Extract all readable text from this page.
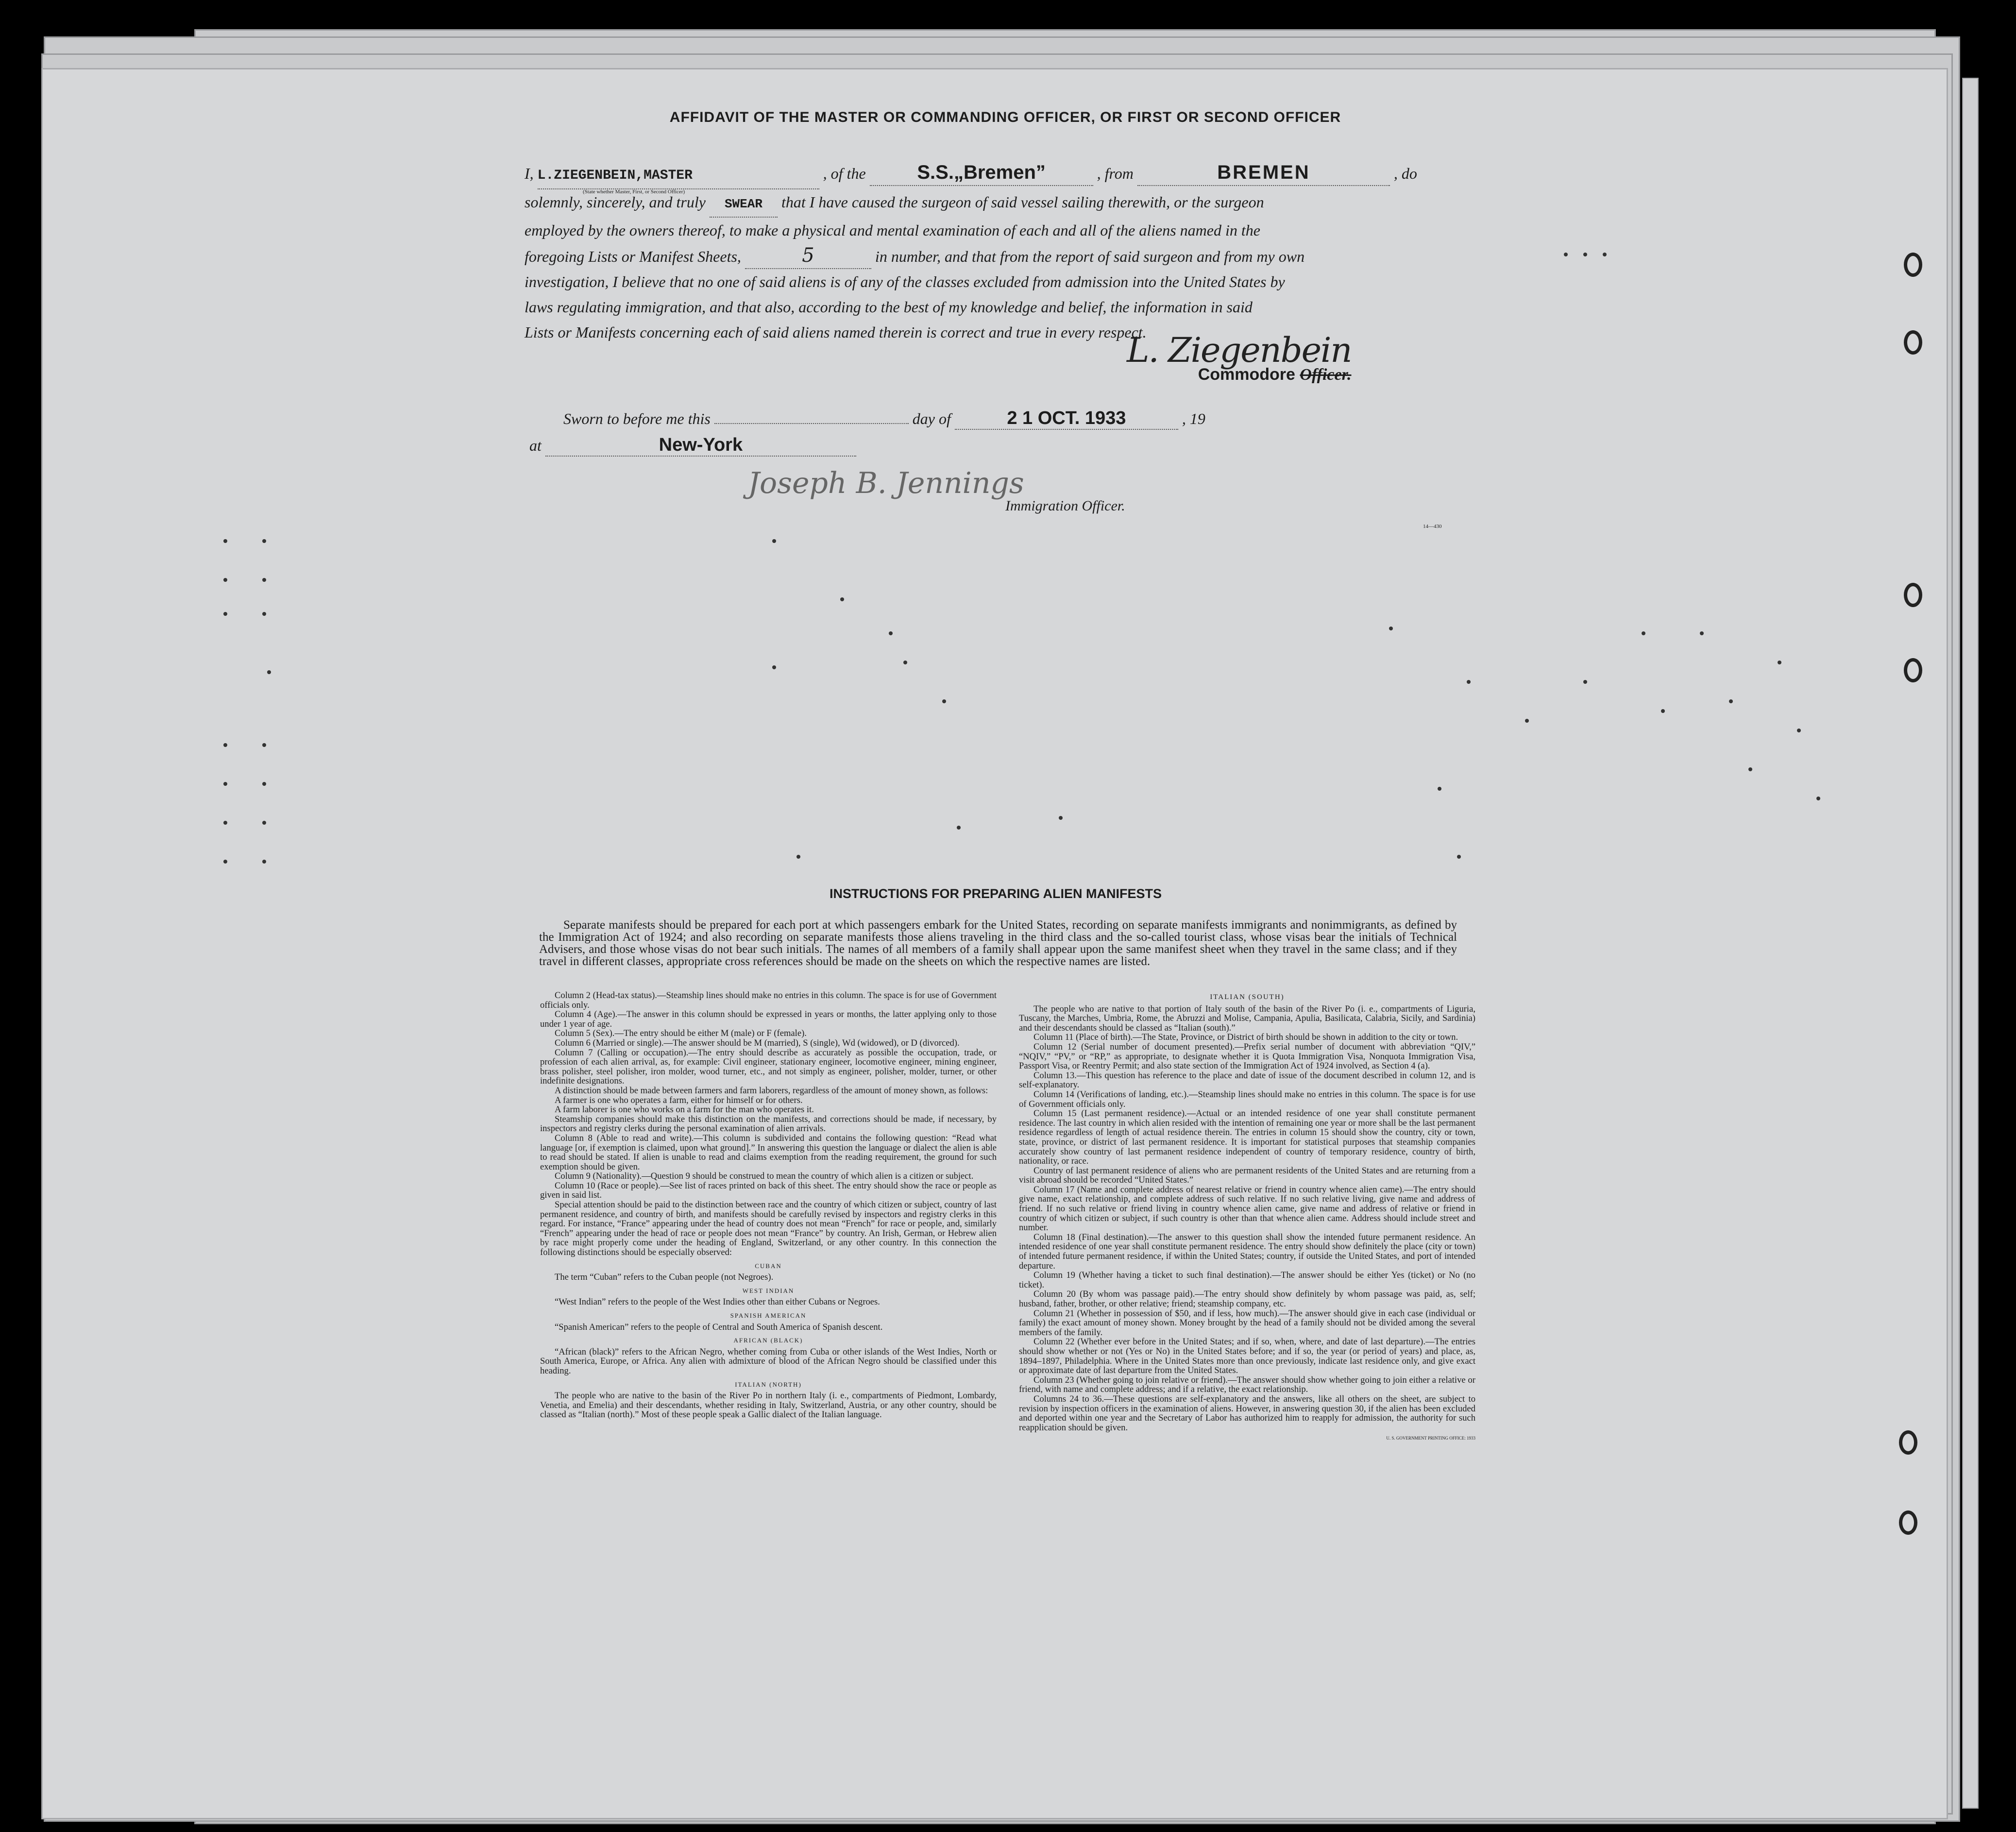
AFFIDAVIT OF THE MASTER OR COMMANDING OFFICER, OR FIRST OR SECOND OFFICER
I, L.ZIEGENBEIN,MASTER	, of the	S.S.„Bremen”	, from	BREMEN	, do
(State whether Master, First, or Second Officer)
solemnly, sincerely, and truly SWEAR that I have caused the surgeon of said vessel sailing therewith, or the surgeon
employed by the owners thereof, to make a physical and mental examination of each and all of the aliens named in the
foregoing Lists or Manifest Sheets,	5	in number, and that from the report of said surgeon and from my own
investigation, I believe that no one of said aliens is of any of the classes excluded from admission into the United States by
laws regulating immigration, and that also, according to the best of my knowledge and belief, the information in said
Lists or Manifests concerning each of said aliens named therein is correct and true in every respect.
L. Ziegenbein
Commodore Officer.
Sworn to before me this	day of	2 1 OCT. 1933	, 19
at	New-York
Joseph B. Jennings
Immigration Officer.
14—430
INSTRUCTIONS FOR PREPARING ALIEN MANIFESTS
Separate manifests should be prepared for each port at which passengers embark for the United States, recording on separate manifests immigrants and nonimmigrants, as defined by the Immigration Act of 1924; and also recording on separate manifests those aliens traveling in the third class and the so-called tourist class, whose visas bear the initials of Technical Advisers, and those whose visas do not bear such initials. The names of all members of a family shall appear upon the same manifest sheet when they travel in the same class; and if they travel in different classes, appropriate cross references should be made on the sheets on which the respective names are listed.

Column 2 (Head-tax status).—Steamship lines should make no entries in this column. The space is for use of Government officials only.

Column 4 (Age).—The answer in this column should be expressed in years or months, the latter applying only to those under 1 year of age.

Column 5 (Sex).—The entry should be either M (male) or F (female).

Column 6 (Married or single).—The answer should be M (married), S (single), Wd (widowed), or D (divorced).

Column 7 (Calling or occupation).—The entry should describe as accurately as possible the occupation, trade, or profession of each alien arrival, as, for example: Civil engineer, stationary engineer, locomotive engineer, mining engineer, brass polisher, steel polisher, iron molder, wood turner, etc., and not simply as engineer, polisher, molder, turner, or other indefinite designations.

A distinction should be made between farmers and farm laborers, regardless of the amount of money shown, as follows:

A farmer is one who operates a farm, either for himself or for others.

A farm laborer is one who works on a farm for the man who operates it.

Steamship companies should make this distinction on the manifests, and corrections should be made, if necessary, by inspectors and registry clerks during the personal examination of alien arrivals.

Column 8 (Able to read and write).—This column is subdivided and contains the following question: “Read what language [or, if exemption is claimed, upon what ground].” In answering this question the language or dialect the alien is able to read should be stated. If alien is unable to read and claims exemption from the reading requirement, the ground for such exemption should be given.

Column 9 (Nationality).—Question 9 should be construed to mean the country of which alien is a citizen or subject.

Column 10 (Race or people).—See list of races printed on back of this sheet. The entry should show the race or people as given in said list.

Special attention should be paid to the distinction between race and the country of which citizen or subject, country of last permanent residence, and country of birth, and manifests should be carefully revised by inspectors and registry clerks in this regard. For instance, “France” appearing under the head of country does not mean “French” for race or people, and, similarly “French” appearing under the head of race or people does not mean “France” by country. An Irish, German, or Hebrew alien by race might properly come under the heading of England, Switzerland, or any other country. In this connection the following distinctions should be especially observed:

CUBAN

The term “Cuban” refers to the Cuban people (not Negroes).

WEST INDIAN

“West Indian” refers to the people of the West Indies other than either Cubans or Negroes.

SPANISH AMERICAN

“Spanish American” refers to the people of Central and South America of Spanish descent.

AFRICAN (BLACK)

“African (black)” refers to the African Negro, whether coming from Cuba or other islands of the West Indies, North or South America, Europe, or Africa. Any alien with admixture of blood of the African Negro should be classified under this heading.

ITALIAN (NORTH)

The people who are native to the basin of the River Po in northern Italy (i. e., compartments of Piedmont, Lombardy, Venetia, and Emelia) and their descendants, whether residing in Italy, Switzerland, Austria, or any other country, should be classed as “Italian (north).” Most of these people speak a Gallic dialect of the Italian language.

ITALIAN (SOUTH)

The people who are native to that portion of Italy south of the basin of the River Po (i. e., compartments of Liguria, Tuscany, the Marches, Umbria, Rome, the Abruzzi and Molise, Campania, Apulia, Basilicata, Calabria, Sicily, and Sardinia) and their descendants should be classed as “Italian (south).”

Column 11 (Place of birth).—The State, Province, or District of birth should be shown in addition to the city or town.

Column 12 (Serial number of document presented).—Prefix serial number of document with abbreviation “QIV,” “NQIV,” “PV,” or “RP,” as appropriate, to designate whether it is Quota Immigration Visa, Nonquota Immigration Visa, Passport Visa, or Reentry Permit; and also state section of the Immigration Act of 1924 involved, as Section 4 (a).

Column 13.—This question has reference to the place and date of issue of the document described in column 12, and is self-explanatory.

Column 14 (Verifications of landing, etc.).—Steamship lines should make no entries in this column. The space is for use of Government officials only.

Column 15 (Last permanent residence).—Actual or an intended residence of one year shall constitute permanent residence. The last country in which alien resided with the intention of remaining one year or more shall be the last permanent residence regardless of length of actual residence therein. The entries in column 15 should show the country, city or town, state, province, or district of last permanent residence. It is important for statistical purposes that steamship companies accurately show country of last permanent residence independent of country of temporary residence, country of birth, nationality, or race.

Country of last permanent residence of aliens who are permanent residents of the United States and are returning from a visit abroad should be recorded “United States.”

Column 17 (Name and complete address of nearest relative or friend in country whence alien came).—The entry should give name, exact relationship, and complete address of such relative. If no such relative living, give name and address of friend. If no such relative or friend living in country whence alien came, give name and address of relative or friend in country of which citizen or subject, if such country is other than that whence alien came. Address should include street and number.

Column 18 (Final destination).—The answer to this question shall show the intended future permanent residence. An intended residence of one year shall constitute permanent residence. The entry should show definitely the place (city or town) of intended future permanent residence, if within the United States; country, if outside the United States, and port of intended departure.

Column 19 (Whether having a ticket to such final destination).—The answer should be either Yes (ticket) or No (no ticket).

Column 20 (By whom was passage paid).—The entry should show definitely by whom passage was paid, as, self; husband, father, brother, or other relative; friend; steamship company, etc.

Column 21 (Whether in possession of $50, and if less, how much).—The answer should give in each case (individual or family) the exact amount of money shown. Money brought by the head of a family should not be divided among the several members of the family.

Column 22 (Whether ever before in the United States; and if so, when, where, and date of last departure).—The entries should show whether or not (Yes or No) in the United States before; and if so, the year (or period of years) and place, as, 1894–1897, Philadelphia. Where in the United States more than once previously, indicate last residence only, and give exact or approximate date of last departure from the United States.

Column 23 (Whether going to join relative or friend).—The answer should show whether going to join either a relative or friend, with name and complete address; and if a relative, the exact relationship.

Columns 24 to 36.—These questions are self-explanatory and the answers, like all others on the sheet, are subject to revision by inspection officers in the examination of aliens. However, in answering question 30, if the alien has been excluded and deported within one year and the Secretary of Labor has authorized him to reapply for admission, the authority for such reapplication should be given.

U. S. GOVERNMENT PRINTING OFFICE: 1933
